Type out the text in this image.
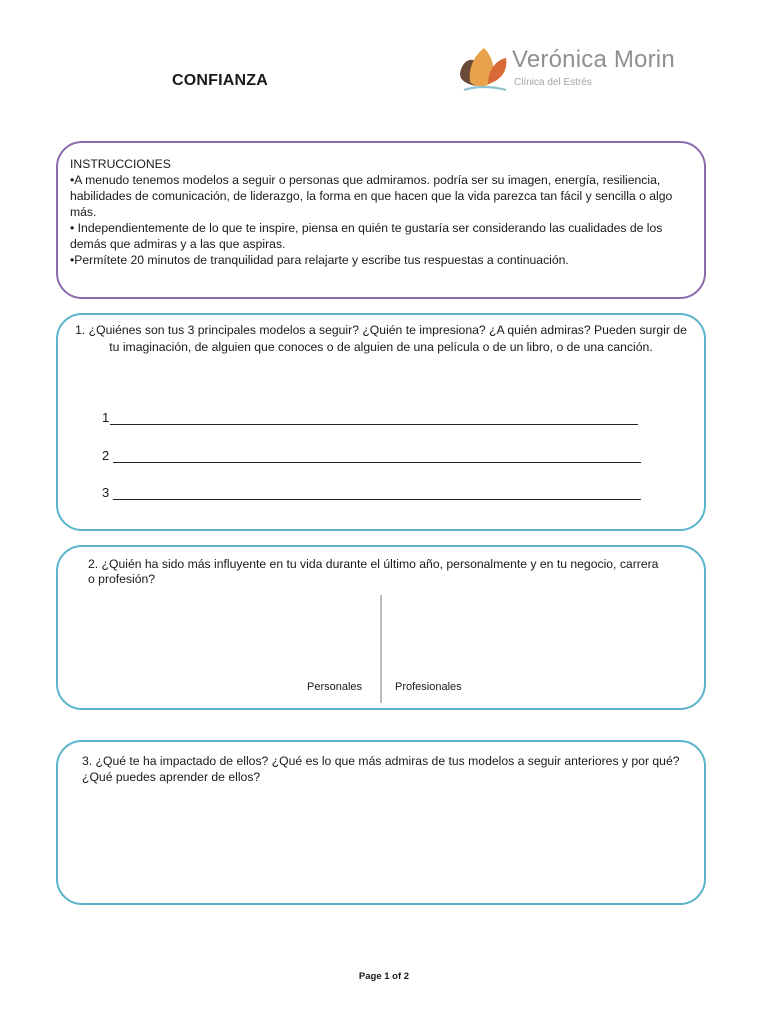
CONFIANZA
Verónica Morin
Clínica del Estrés

INSTRUCCIONES

•A menudo tenemos modelos a seguir o personas que admiramos. podría ser su imagen, energía, resiliencia, habilidades de comunicación, de liderazgo, la forma en que hacen que la vida parezca tan fácil y sencilla o algo más.

• Independientemente de lo que te inspire, piensa en quién te gustaría ser considerando las cualidades de los demás que admiras y a las que aspiras.

•Permítete 20 minutos de tranquilidad para relajarte y escribe tus respuestas a continuación.

1. ¿Quiénes son tus 3 principales modelos a seguir? ¿Quién te impresiona? ¿A quién admiras? Pueden surgir de tu imaginación, de alguien que conoces o de alguien de una película o de un libro, o de una canción.
1
2
3
2. ¿Quién ha sido más influyente en tu vida durante el último año, personalmente y en tu negocio, carrera o profesión?
Personales	Profesionales
3. ¿Qué te ha impactado de ellos? ¿Qué es lo que más admiras de tus modelos a seguir anteriores y por qué? ¿Qué puedes aprender de ellos?
Page 1 of 2
